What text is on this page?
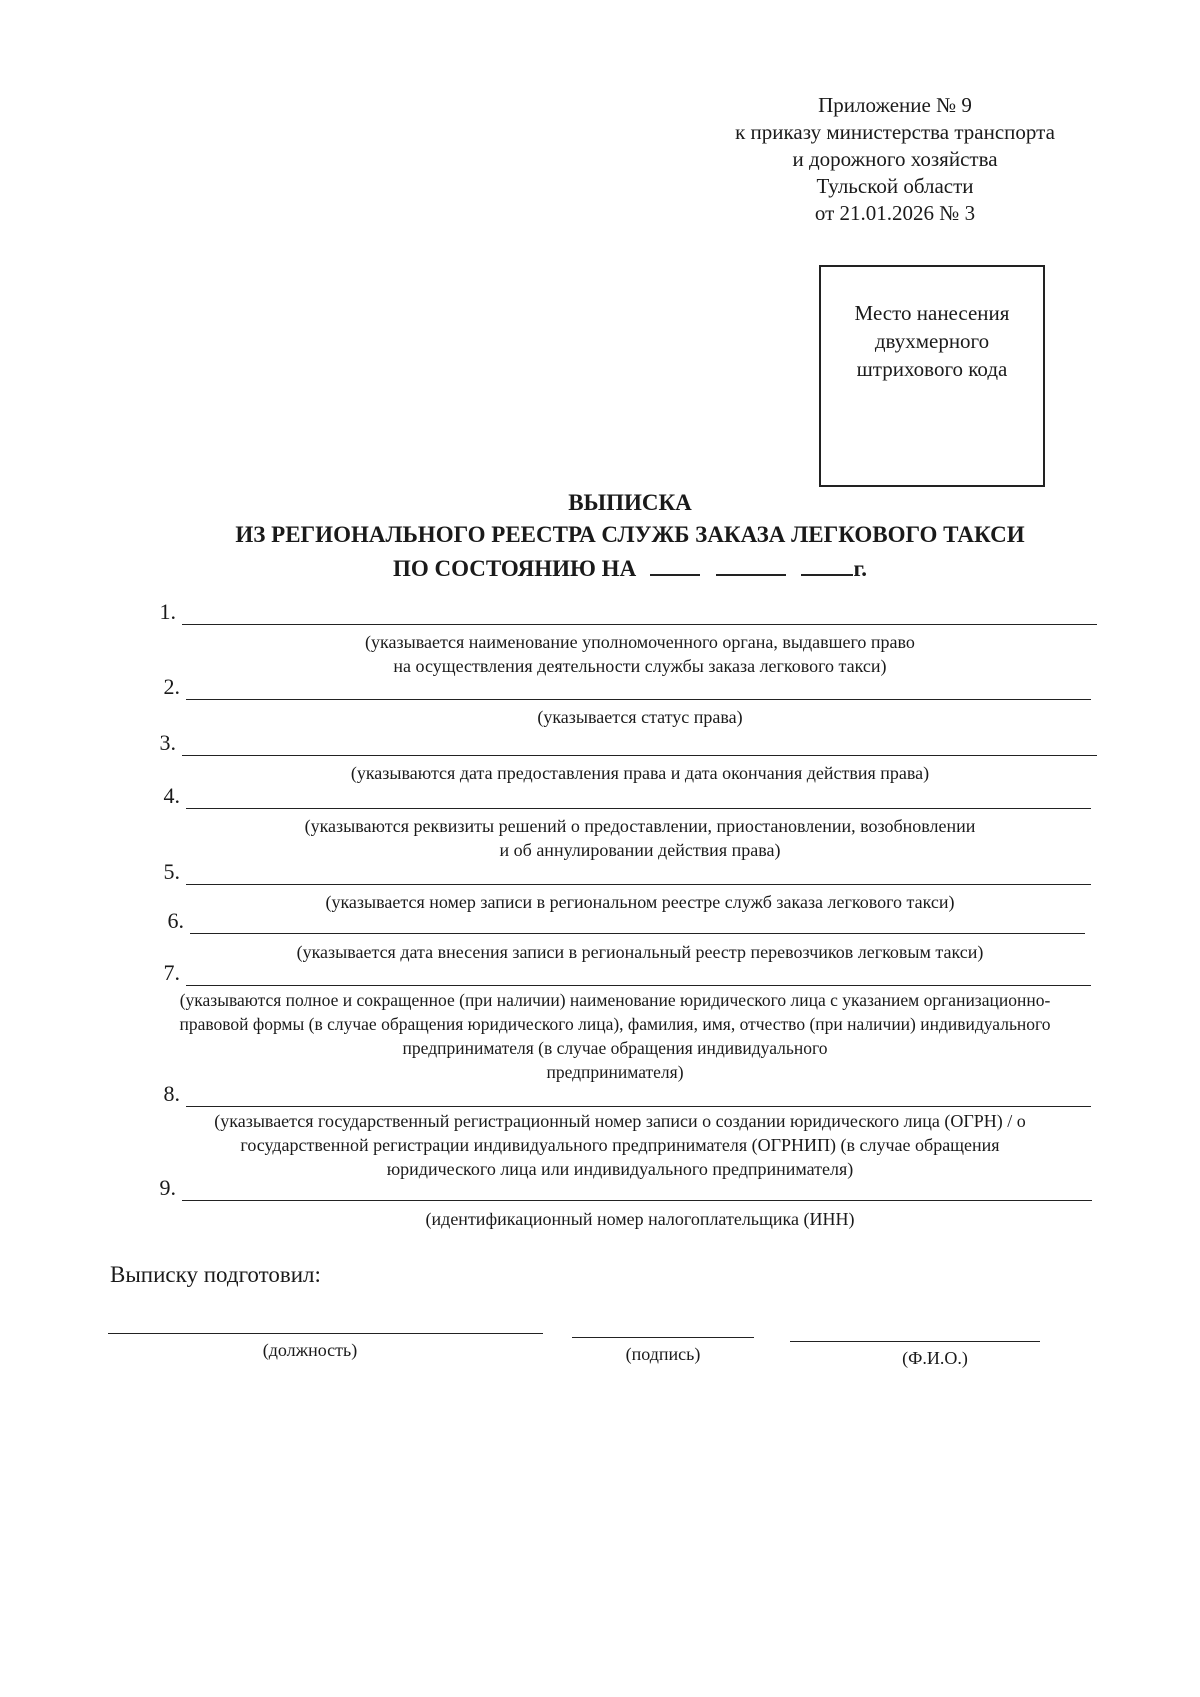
Приложение № 9
к приказу министерства транспорта
и дорожного хозяйства
Тульской области
от 21.01.2026 № 3
Место нанесения
двухмерного
штрихового кода
ВЫПИСКА
ИЗ РЕГИОНАЛЬНОГО РЕЕСТРА СЛУЖБ ЗАКАЗА ЛЕГКОВОГО ТАКСИ
ПО СОСТОЯНИЮ НА	г.
1.
(указывается наименование уполномоченного органа, выдавшего право
на осуществления деятельности службы заказа легкового такси)
2.
(указывается статус права)
3.
(указываются дата предоставления права и дата окончания действия права)
4.
(указываются реквизиты решений о предоставлении, приостановлении, возобновлении
и об аннулировании действия права)
5.
(указывается номер записи в региональном реестре служб заказа легкового такси)
6.
(указывается дата внесения записи в региональный реестр перевозчиков легковым такси)
7.
(указываются полное и сокращенное (при наличии) наименование юридического лица с указанием организационно-
правовой формы (в случае обращения юридического лица), фамилия, имя, отчество (при наличии) индивидуального
предпринимателя (в случае обращения индивидуального
предпринимателя)
8.
(указывается государственный регистрационный номер записи о создании юридического лица (ОГРН) / о
государственной регистрации индивидуального предпринимателя (ОГРНИП) (в случае обращения
юридического лица или индивидуального предпринимателя)
9.
(идентификационный номер налогоплательщика (ИНН)
Выписку подготовил:
(должность)	(подпись)	(Ф.И.О.)
